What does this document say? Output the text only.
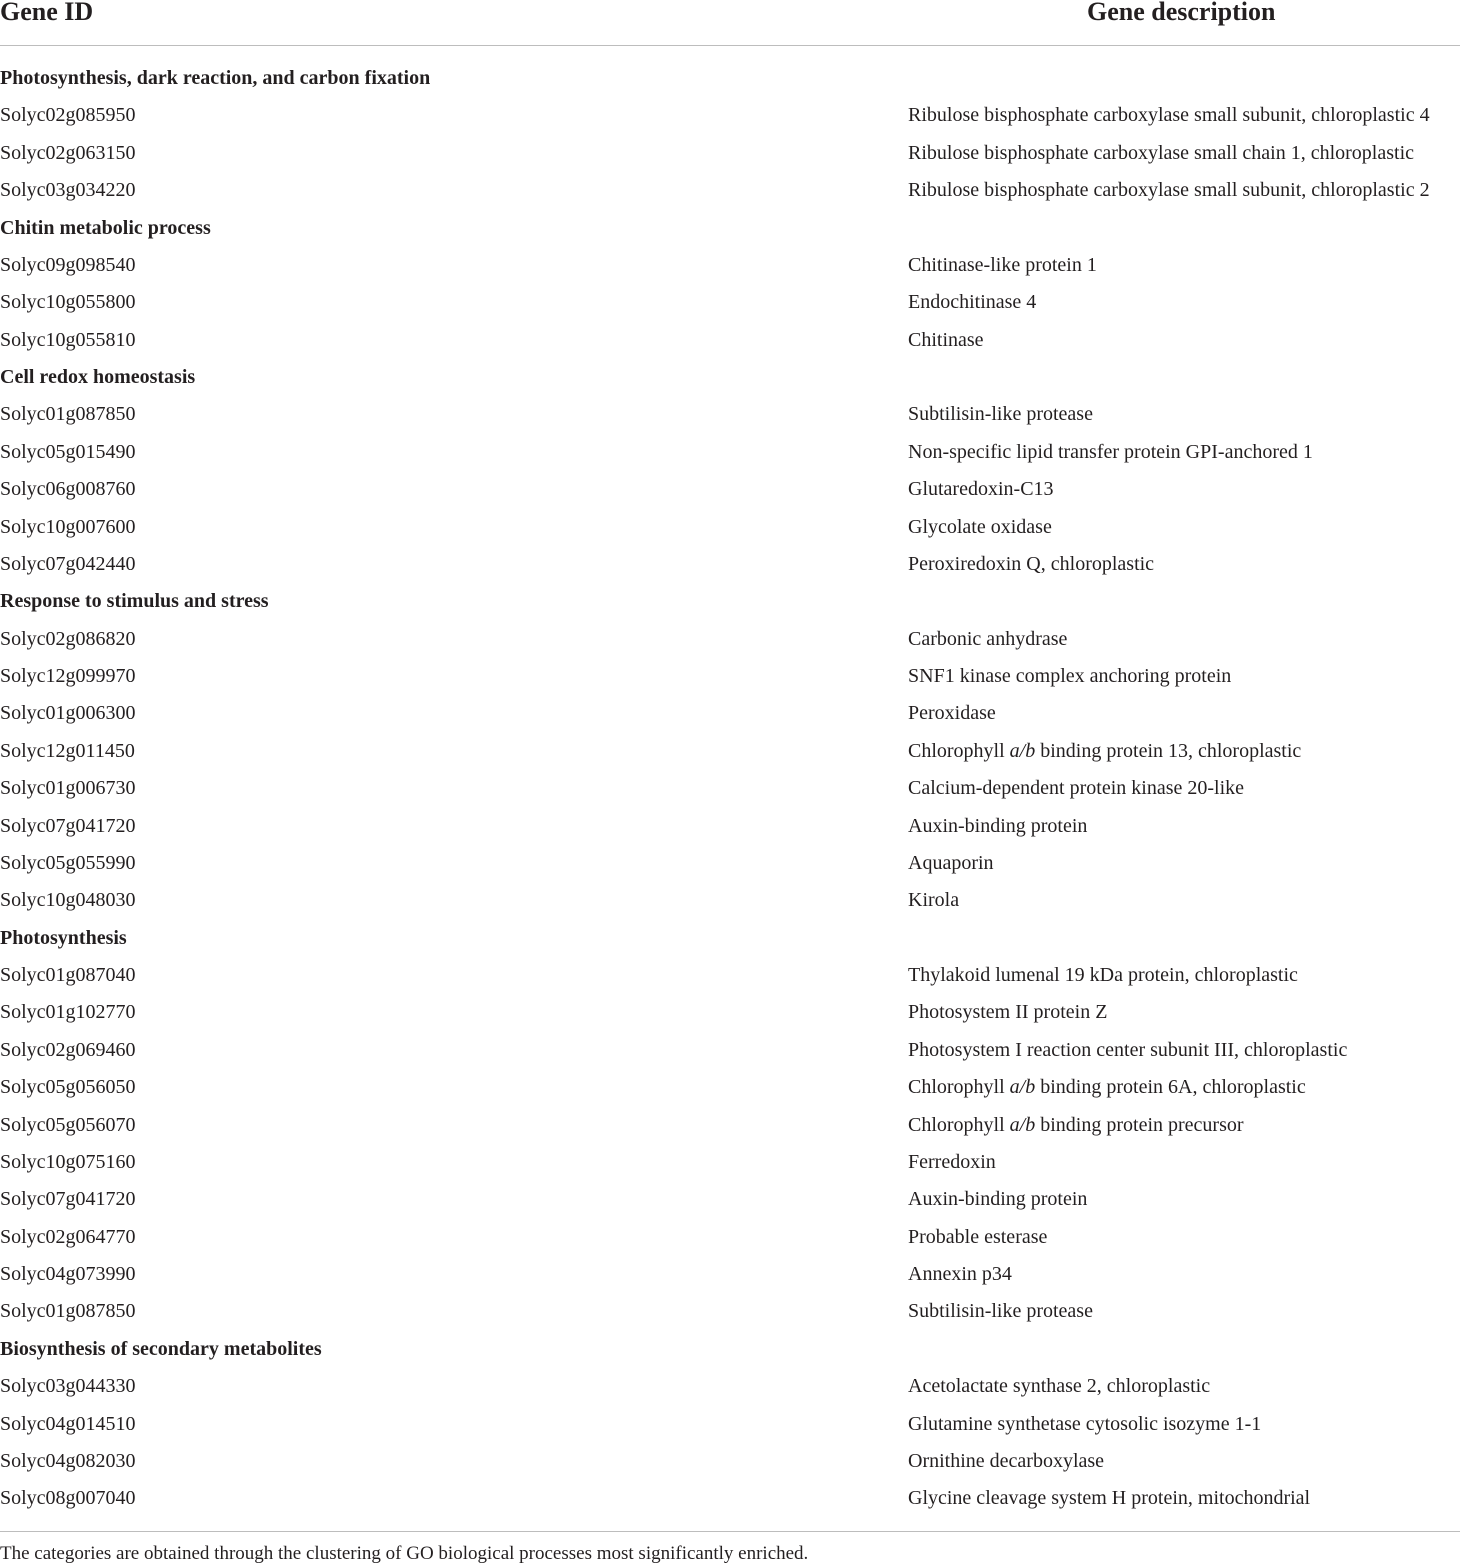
Gene ID	Gene description
Photosynthesis, dark reaction, and carbon fixation
Solyc02g085950	Ribulose bisphosphate carboxylase small subunit, chloroplastic 4
Solyc02g063150	Ribulose bisphosphate carboxylase small chain 1, chloroplastic
Solyc03g034220	Ribulose bisphosphate carboxylase small subunit, chloroplastic 2
Chitin metabolic process
Solyc09g098540	Chitinase-like protein 1
Solyc10g055800	Endochitinase 4
Solyc10g055810	Chitinase
Cell redox homeostasis
Solyc01g087850	Subtilisin-like protease
Solyc05g015490	Non-specific lipid transfer protein GPI-anchored 1
Solyc06g008760	Glutaredoxin-C13
Solyc10g007600	Glycolate oxidase
Solyc07g042440	Peroxiredoxin Q, chloroplastic
Response to stimulus and stress
Solyc02g086820	Carbonic anhydrase
Solyc12g099970	SNF1 kinase complex anchoring protein
Solyc01g006300	Peroxidase
Solyc12g011450	Chlorophyll a/b binding protein 13, chloroplastic
Solyc01g006730	Calcium-dependent protein kinase 20-like
Solyc07g041720	Auxin-binding protein
Solyc05g055990	Aquaporin
Solyc10g048030	Kirola
Photosynthesis
Solyc01g087040	Thylakoid lumenal 19 kDa protein, chloroplastic
Solyc01g102770	Photosystem II protein Z
Solyc02g069460	Photosystem I reaction center subunit III, chloroplastic
Solyc05g056050	Chlorophyll a/b binding protein 6A, chloroplastic
Solyc05g056070	Chlorophyll a/b binding protein precursor
Solyc10g075160	Ferredoxin
Solyc07g041720	Auxin-binding protein
Solyc02g064770	Probable esterase
Solyc04g073990	Annexin p34
Solyc01g087850	Subtilisin-like protease
Biosynthesis of secondary metabolites
Solyc03g044330	Acetolactate synthase 2, chloroplastic
Solyc04g014510	Glutamine synthetase cytosolic isozyme 1-1
Solyc04g082030	Ornithine decarboxylase
Solyc08g007040	Glycine cleavage system H protein, mitochondrial
The categories are obtained through the clustering of GO biological processes most significantly enriched.
